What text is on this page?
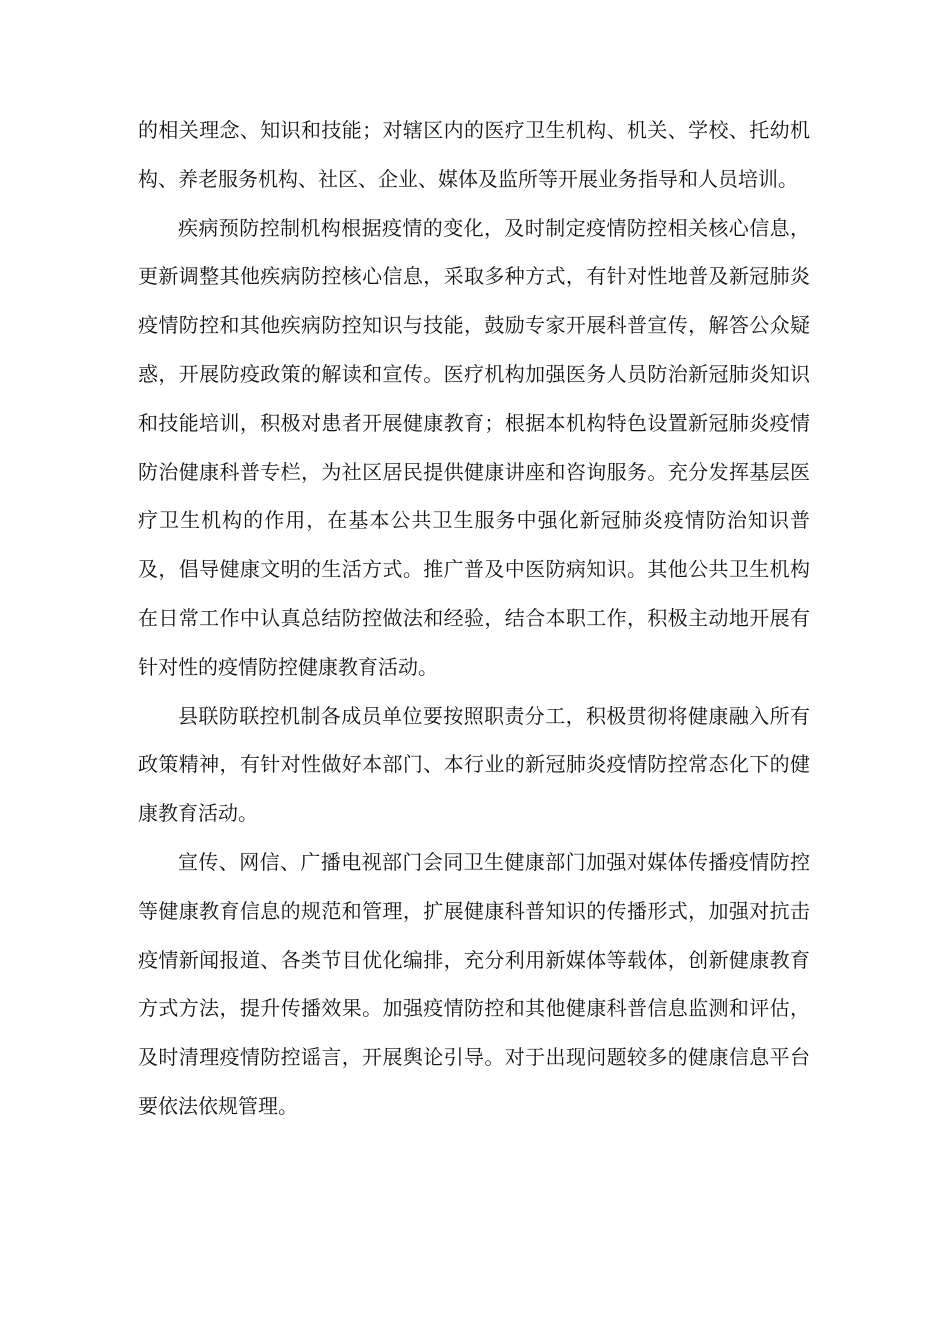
的相关理念、知识和技能；对辖区内的医疗卫生机构、机关、学校、托幼机构、养老服务机构、社区、企业、媒体及监所等开展业务指导和人员培训。

疾病预防控制机构根据疫情的变化，及时制定疫情防控相关核心信息，更新调整其他疾病防控核心信息，采取多种方式，有针对性地普及新冠肺炎疫情防控和其他疾病防控知识与技能，鼓励专家开展科普宣传，解答公众疑惑，开展防疫政策的解读和宣传。医疗机构加强医务人员防治新冠肺炎知识和技能培训，积极对患者开展健康教育；根据本机构特色设置新冠肺炎疫情防治健康科普专栏，为社区居民提供健康讲座和咨询服务。充分发挥基层医疗卫生机构的作用，在基本公共卫生服务中强化新冠肺炎疫情防治知识普及，倡导健康文明的生活方式。推广普及中医防病知识。其他公共卫生机构在日常工作中认真总结防控做法和经验，结合本职工作，积极主动地开展有针对性的疫情防控健康教育活动。

县联防联控机制各成员单位要按照职责分工，积极贯彻将健康融入所有政策精神，有针对性做好本部门、本行业的新冠肺炎疫情防控常态化下的健康教育活动。

宣传、网信、广播电视部门会同卫生健康部门加强对媒体传播疫情防控等健康教育信息的规范和管理，扩展健康科普知识的传播形式，加强对抗击疫情新闻报道、各类节目优化编排，充分利用新媒体等载体，创新健康教育方式方法，提升传播效果。加强疫情防控和其他健康科普信息监测和评估，及时清理疫情防控谣言，开展舆论引导。对于出现问题较多的健康信息平台要依法依规管理。
